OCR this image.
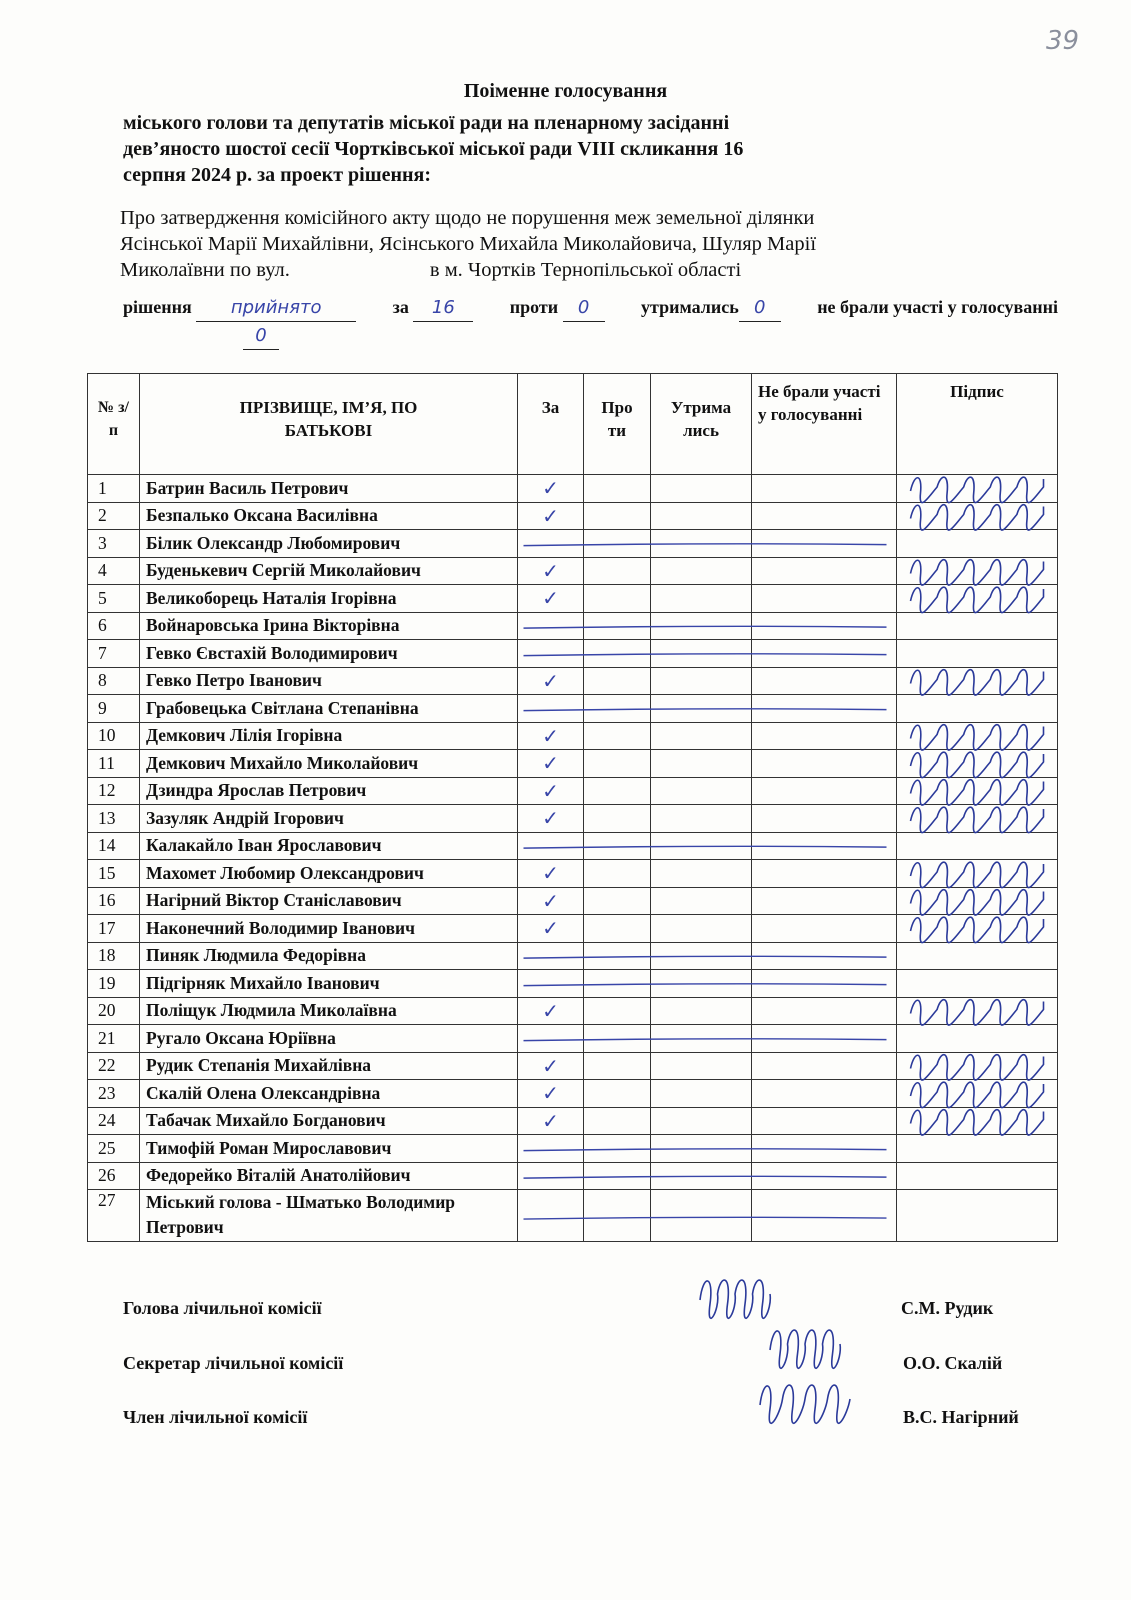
39
Поіменне голосування
міського голови та депутатів міської ради на пленарному засіданні
дев’яносто шостої сесії Чортківської міської ради VIII скликання 16
серпня 2024 р. за проект рішення:
Про затвердження комісійного акту щодо не порушення меж земельної ділянки
Ясінської Марії Михайлівни, Ясінського Михайла Миколайовича, Шуляр Марії
Миколаївни по вул.	в м. Чортків Тернопільської області
рішення прийнято	за 16	проти 0	утримались 0	не брали участі у голосуванні
0
№ з/п	ПРІЗВИЩЕ, ІМ’Я, ПО БАТЬКОВІ	За	Про ти	Утрима лись	Не брали участі у голосуванні	Підпис
1	Батрин Василь Петрович	✓				
2	Безпалько Оксана Василівна	✓				
3	Білик Олександр Любомирович					
4	Буденькевич Сергій Миколайович	✓				
5	Великоборець Наталія Ігорівна	✓				
6	Войнаровська Ірина Вікторівна					
7	Гевко Євстахій Володимирович					
8	Гевко Петро Іванович	✓				
9	Грабовецька Світлана Степанівна					
10	Демкович Лілія Ігорівна	✓				
11	Демкович Михайло Миколайович	✓				
12	Дзиндра Ярослав Петрович	✓				
13	Зазуляк Андрій Ігорович	✓				
14	Калакайло Іван Ярославович					
15	Махомет Любомир Олександрович	✓				
16	Нагірний Віктор Станіславович	✓				
17	Наконечний Володимир Іванович	✓				
18	Пиняк Людмила Федорівна					
19	Підгірняк Михайло Іванович					
20	Поліщук Людмила Миколаївна	✓				
21	Ругало Оксана Юріївна					
22	Рудик Степанія Михайлівна	✓				
23	Скалій Олена Олександрівна	✓				
24	Табачак Михайло Богданович	✓				
25	Тимофій Роман Мирославович					
26	Федорейко Віталій Анатолійович					
27	Міський голова - Шматько Володимир Петрович					
Голова лічильної комісії	С.М. Рудик
Секретар лічильної комісії	О.О. Скалій
Член лічильної комісії	В.С. Нагірний
